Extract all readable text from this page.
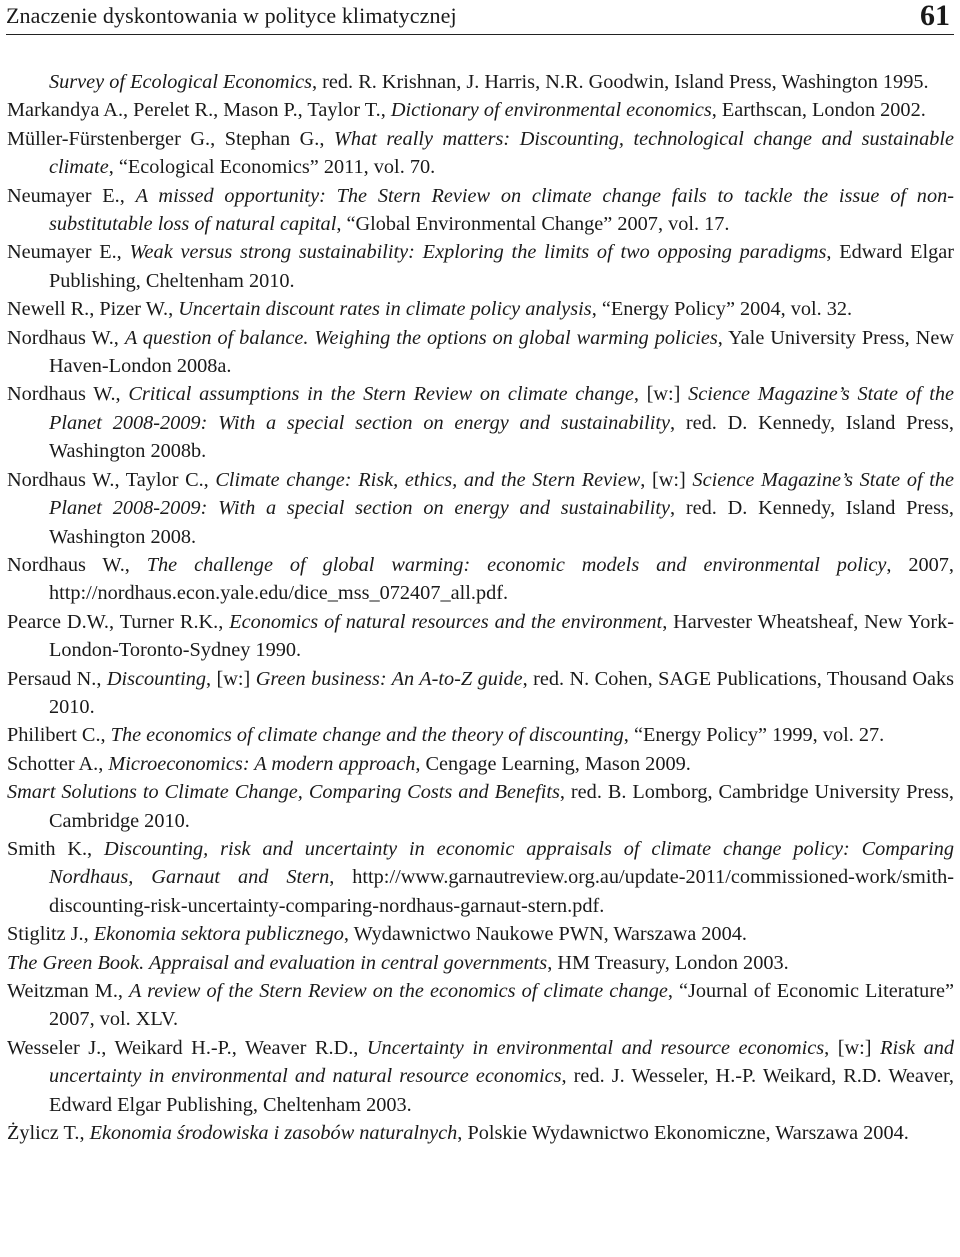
Znaczenie dyskontowania w polityce klimatycznej	61
Survey of Ecological Economics, red. R. Krishnan, J. Harris, N.R. Goodwin, Island Press, Washington 1995.
Markandya A., Perelet R., Mason P., Taylor T., Dictionary of environmental economics, Earthscan, London 2002.
Müller-Fürstenberger G., Stephan G., What really matters: Discounting, technological change and sustainable climate, “Ecological Economics” 2011, vol. 70.
Neumayer E., A missed opportunity: The Stern Review on climate change fails to tackle the issue of non-substitutable loss of natural capital, “Global Environmental Change” 2007, vol. 17.
Neumayer E., Weak versus strong sustainability: Exploring the limits of two opposing paradigms, Edward Elgar Publishing, Cheltenham 2010.
Newell R., Pizer W., Uncertain discount rates in climate policy analysis, “Energy Policy” 2004, vol. 32.
Nordhaus W., A question of balance. Weighing the options on global warming policies, Yale University Press, New Haven-London 2008a.
Nordhaus W., Critical assumptions in the Stern Review on climate change, [w:] Science Magazine’s State of the Planet 2008-2009: With a special section on energy and sustainability, red. D. Kennedy, Island Press, Washington 2008b.
Nordhaus W., Taylor C., Climate change: Risk, ethics, and the Stern Review, [w:] Science Magazine’s State of the Planet 2008-2009: With a special section on energy and sustainability, red. D. Kennedy, Island Press, Washington 2008.
Nordhaus W., The challenge of global warming: economic models and environmental policy, 2007, http://nordhaus.econ.yale.edu/dice_mss_072407_all.pdf.
Pearce D.W., Turner R.K., Economics of natural resources and the environment, Harvester Wheatsheaf, New York-London-Toronto-Sydney 1990.
Persaud N., Discounting, [w:] Green business: An A-to-Z guide, red. N. Cohen, SAGE Publications, Thousand Oaks 2010.
Philibert C., The economics of climate change and the theory of discounting, “Energy Policy” 1999, vol. 27.
Schotter A., Microeconomics: A modern approach, Cengage Learning, Mason 2009.
Smart Solutions to Climate Change, Comparing Costs and Benefits, red. B. Lomborg, Cambridge University Press, Cambridge 2010.
Smith K., Discounting, risk and uncertainty in economic appraisals of climate change policy: Comparing Nordhaus, Garnaut and Stern, http://www.garnautreview.org.au/update-2011/commissioned-work/smith-discounting-risk-uncertainty-comparing-nordhaus-garnaut-stern.pdf.
Stiglitz J., Ekonomia sektora publicznego, Wydawnictwo Naukowe PWN, Warszawa 2004.
The Green Book. Appraisal and evaluation in central governments, HM Treasury, London 2003.
Weitzman M., A review of the Stern Review on the economics of climate change, “Journal of Economic Literature” 2007, vol. XLV.
Wesseler J., Weikard H.-P., Weaver R.D., Uncertainty in environmental and resource economics, [w:] Risk and uncertainty in environmental and natural resource economics, red. J. Wesseler, H.-P. Weikard, R.D. Weaver, Edward Elgar Publishing, Cheltenham 2003.
Żylicz T., Ekonomia środowiska i zasobów naturalnych, Polskie Wydawnictwo Ekonomiczne, Warszawa 2004.
